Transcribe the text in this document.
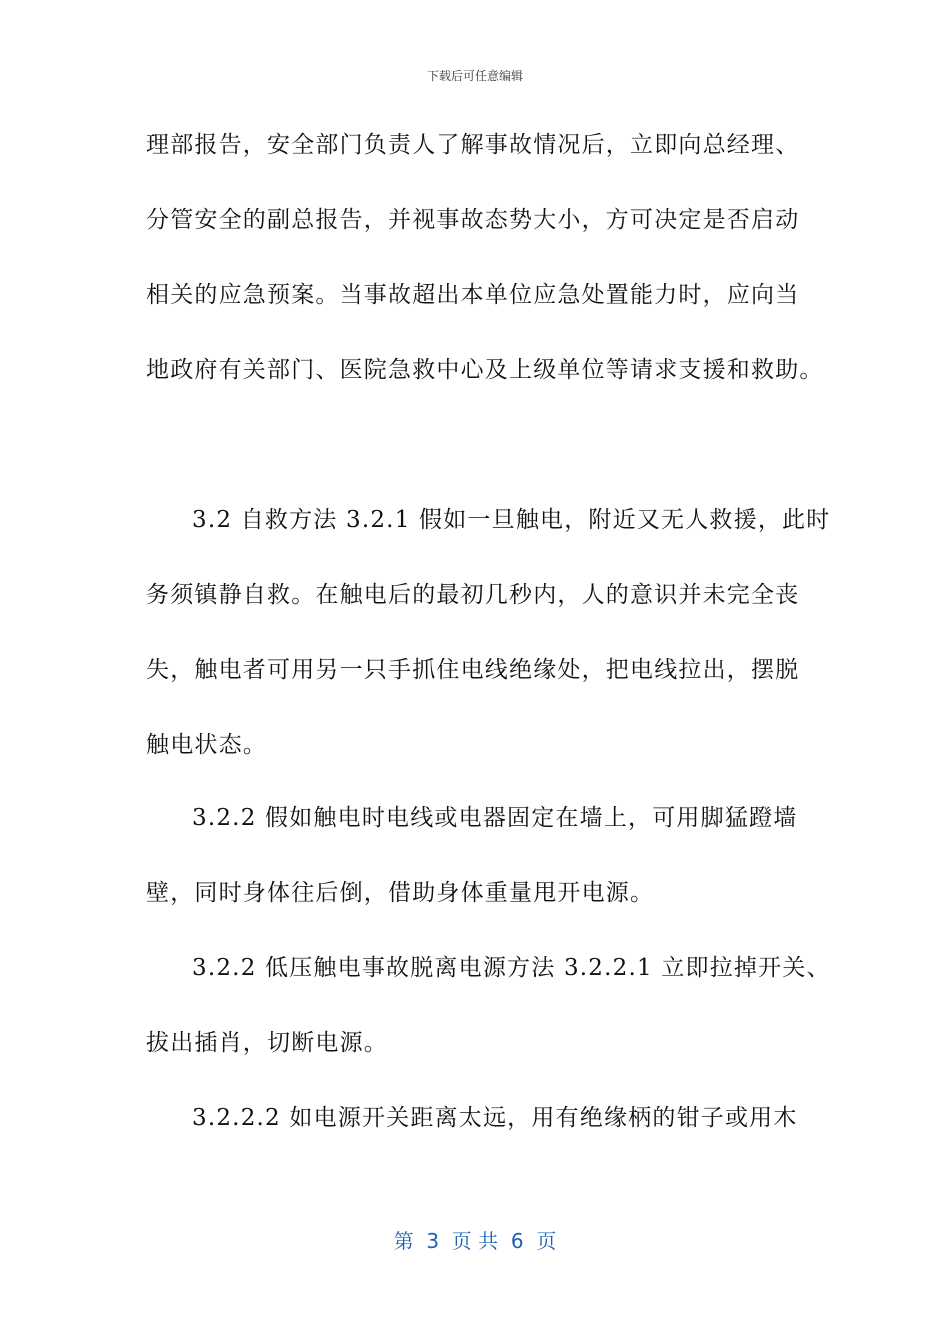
下载后可任意编辑
理部报告，安全部门负责人了解事故情况后，立即向总经理、
分管安全的副总报告，并视事故态势大小，方可决定是否启动
相关的应急预案。当事故超出本单位应急处置能力时，应向当
地政府有关部门、医院急救中心及上级单位等请求支援和救助。
3.2 自救方法 3.2.1 假如一旦触电，附近又无人救援，此时
务须镇静自救。在触电后的最初几秒内，人的意识并未完全丧
失，触电者可用另一只手抓住电线绝缘处，把电线拉出，摆脱
触电状态。
3.2.2 假如触电时电线或电器固定在墙上，可用脚猛蹬墙
壁，同时身体往后倒，借助身体重量甩开电源。
3.2.2 低压触电事故脱离电源方法 3.2.2.1 立即拉掉开关、
拔出插肖，切断电源。
3.2.2.2 如电源开关距离太远，用有绝缘柄的钳子或用木
第  3  页 共  6  页
